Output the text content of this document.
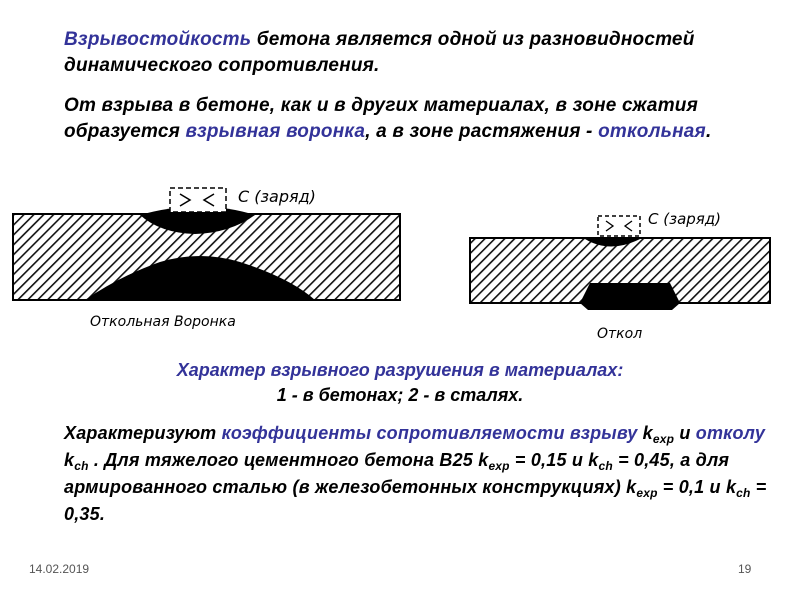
Взрывостойкость бетона является одной из разновидностей динамического сопротивления.
От взрыва в бетоне, как и в других материалах, в зоне сжатия образуется взрывная воронка, а в зоне растяжения - откольная.
C (заряд)
Откольная Воронка
C (заряд)
Откол
Характер взрывного разрушения в материалах:
1 - в бетонах; 2 - в сталях.
Характеризуют коэффициенты сопротивляемости взрыву $k_{exp}$ и отколу $k_{ch}$ . Для тяжелого цементного бетона В25 $k_{exp} = 0,15$ и $k_{ch} = 0,45$, а для армированного сталью (в железобетонных конструкциях) $k_{exp} = 0,1$ и $k_{ch} = 0,35$.
14.02.2019	19
